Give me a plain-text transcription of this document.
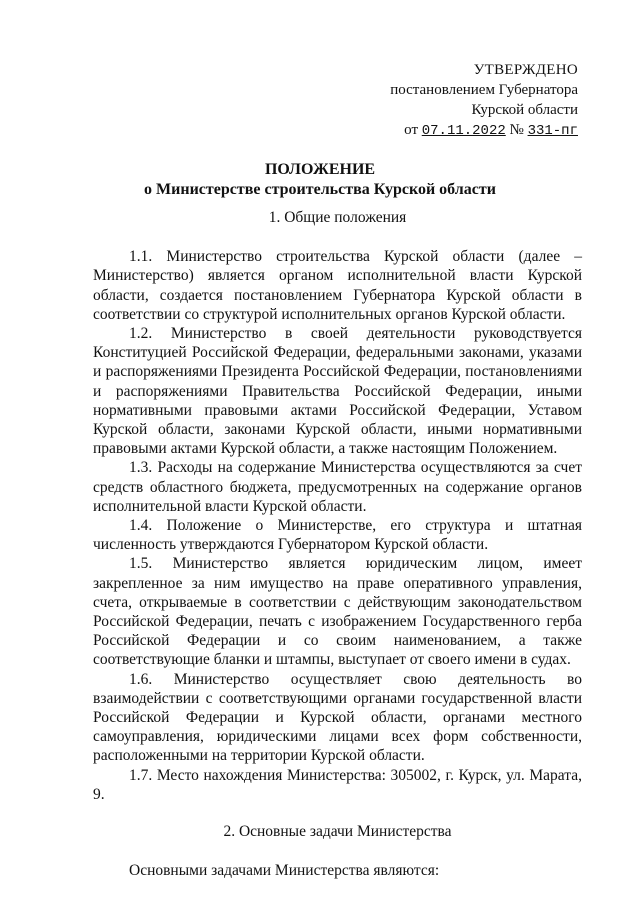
УТВЕРЖДЕНО
постановлением Губернатора
Курской области
от 07.11.2022 № 331-пг
ПОЛОЖЕНИЕ
о Министерстве строительства Курской области
1. Общие положения

1.1. Министерство строительства Курской области (далее – Министерство) является органом исполнительной власти Курской области, создается постановлением Губернатора Курской области в соответствии со структурой исполнительных органов Курской области.

1.2. Министерство в своей деятельности руководствуется Конституцией Российской Федерации, федеральными законами, указами и распоряжениями Президента Российской Федерации, постановлениями и распоряжениями Правительства Российской Федерации, иными нормативными правовыми актами Российской Федерации, Уставом Курской области, законами Курской области, иными нормативными правовыми актами Курской области, а также настоящим Положением.

1.3. Расходы на содержание Министерства осуществляются за счет средств областного бюджета, предусмотренных на содержание органов исполнительной власти Курской области.

1.4. Положение о Министерстве, его структура и штатная численность утверждаются Губернатором Курской области.

1.5. Министерство является юридическим лицом, имеет закрепленное за ним имущество на праве оперативного управления, счета, открываемые в соответствии с действующим законодательством Российской Федерации, печать с изображением Государственного герба Российской Федерации и со своим наименованием, а также соответствующие бланки и штампы, выступает от своего имени в судах.

1.6. Министерство осуществляет свою деятельность во взаимодействии с соответствующими органами государственной власти Российской Федерации и Курской области, органами местного самоуправления, юридическими лицами всех форм собственности, расположенными на территории Курской области.

1.7. Место нахождения Министерства: 305002, г. Курск, ул. Марата, 9.

2. Основные задачи Министерства

Основными задачами Министерства являются:
